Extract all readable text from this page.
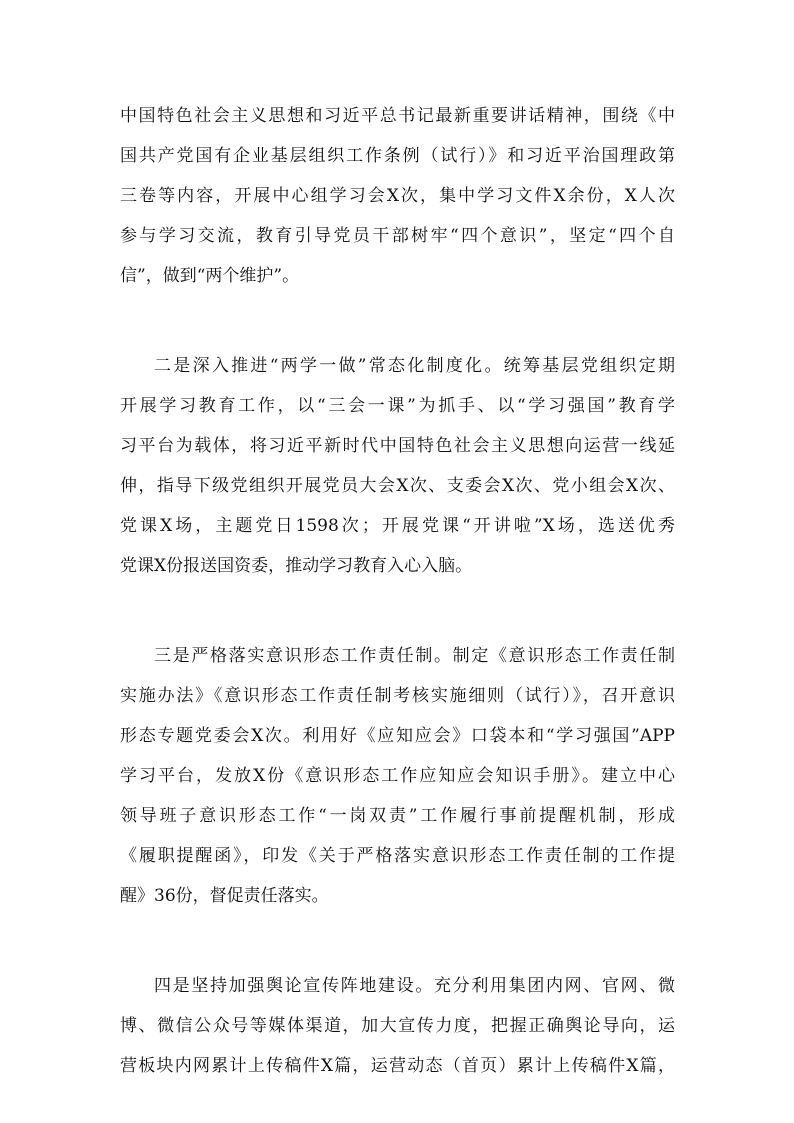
中国特色社会主义思想和习近平总书记最新重要讲话精神，围绕《中
国共产党国有企业基层组织工作条例（试行）》和习近平治国理政第
三卷等内容，开展中心组学习会X次，集中学习文件X余份，X人次
参与学习交流，教育引导党员干部树牢“四个意识”，坚定“四个自
信”，做到“两个维护”。
二是深入推进“两学一做”常态化制度化。统筹基层党组织定期
开展学习教育工作，以“三会一课”为抓手、以“学习强国”教育学
习平台为载体，将习近平新时代中国特色社会主义思想向运营一线延
伸，指导下级党组织开展党员大会X次、支委会X次、党小组会X次、
党课X场，主题党日1598次；开展党课“开讲啦”X场，选送优秀
党课X份报送国资委，推动学习教育入心入脑。
三是严格落实意识形态工作责任制。制定《意识形态工作责任制
实施办法》《意识形态工作责任制考核实施细则（试行）》，召开意识
形态专题党委会X次。利用好《应知应会》口袋本和“学习强国”APP
学习平台，发放X份《意识形态工作应知应会知识手册》。建立中心
领导班子意识形态工作“一岗双责”工作履行事前提醒机制，形成
《履职提醒函》，印发《关于严格落实意识形态工作责任制的工作提
醒》36份，督促责任落实。
四是坚持加强舆论宣传阵地建设。充分利用集团内网、官网、微
博、微信公众号等媒体渠道，加大宣传力度，把握正确舆论导向，运
营板块内网累计上传稿件X篇，运营动态（首页）累计上传稿件X篇，
